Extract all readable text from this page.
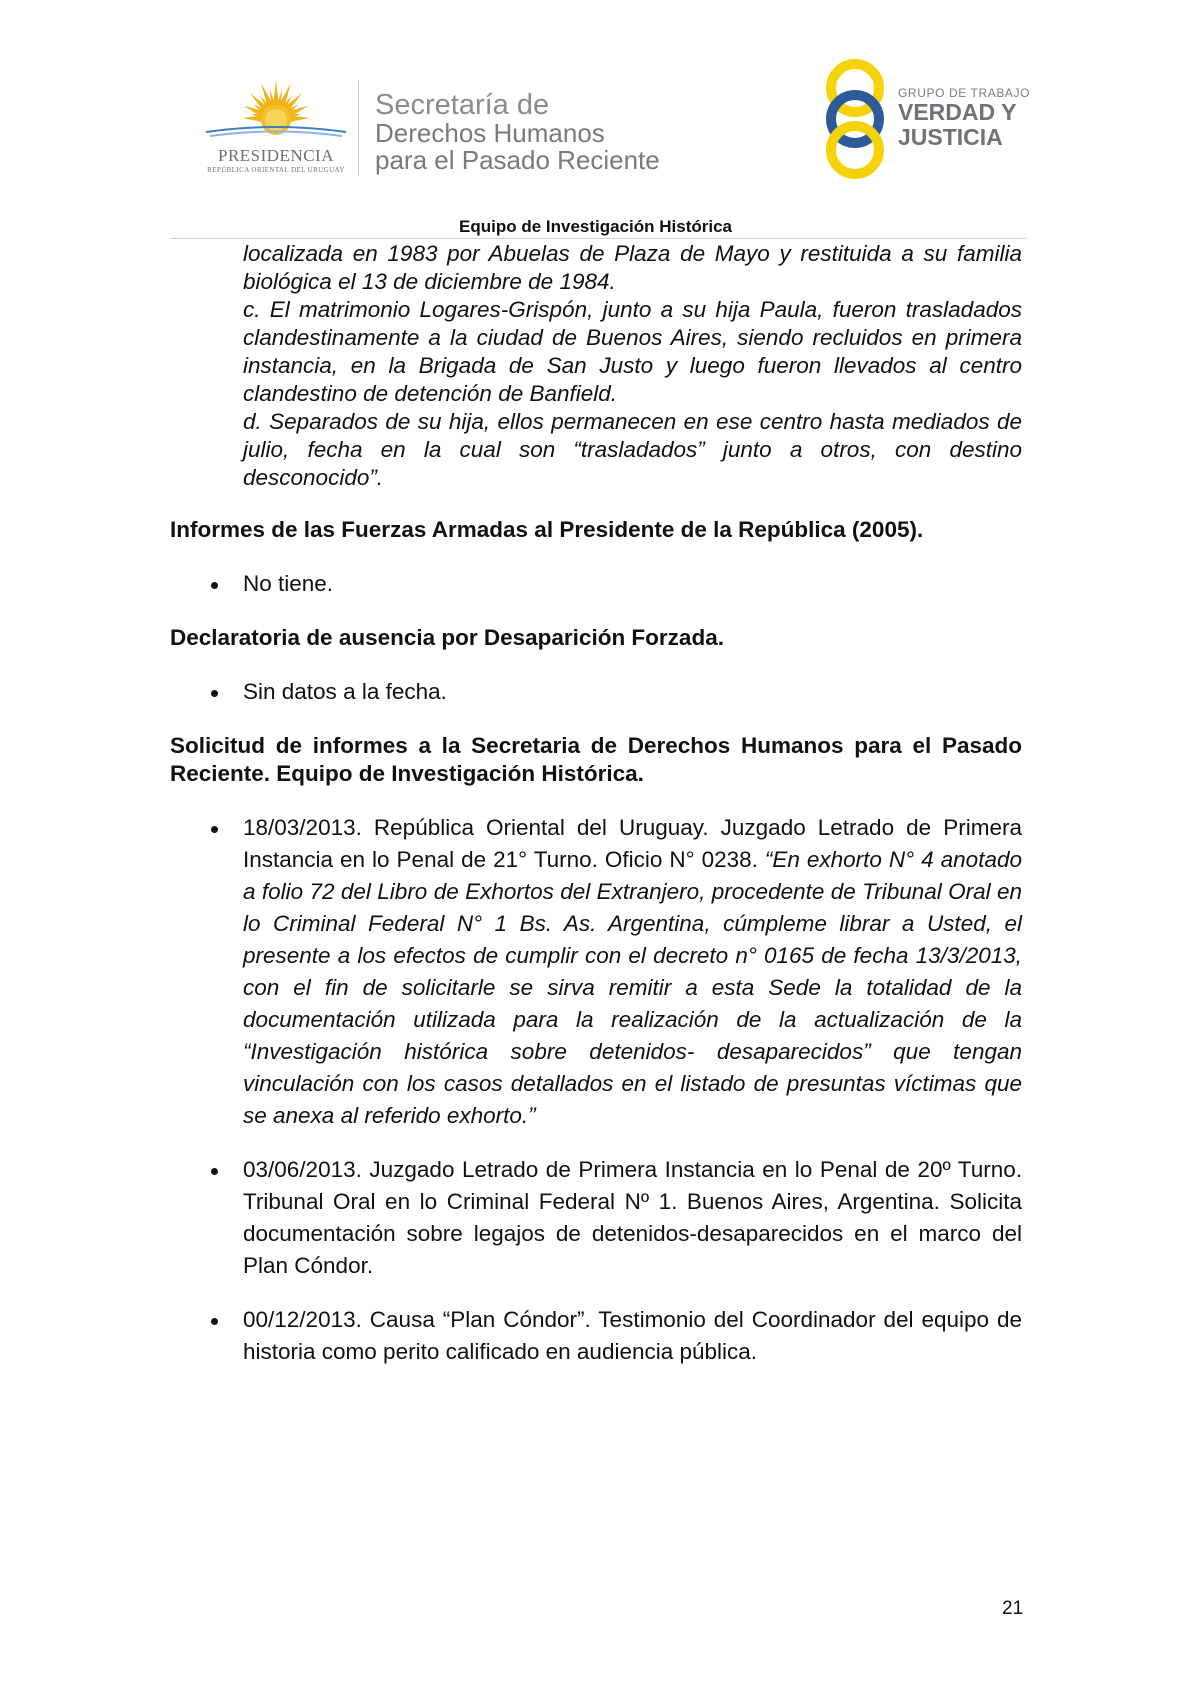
PRESIDENCIA
REPÚBLICA ORIENTAL DEL URUGUAY
Secretaría de
Derechos Humanos
para el Pasado Reciente
GRUPO DE TRABAJO
VERDAD Y
JUSTICIA
Equipo de Investigación Histórica

localizada en 1983 por Abuelas de Plaza de Mayo y restituida a su familia biológica el 13 de diciembre de 1984.

c. El matrimonio Logares-Grispón, junto a su hija Paula, fueron trasladados clandestinamente a la ciudad de Buenos Aires, siendo recluidos en primera instancia, en la Brigada de San Justo y luego fueron llevados al centro clandestino de detención de Banfield.

d. Separados de su hija, ellos permanecen en ese centro hasta mediados de julio, fecha en la cual son “trasladados” junto a otros, con destino desconocido”.

Informes de las Fuerzas Armadas al Presidente de la República (2005).

No tiene.

Declaratoria de ausencia por Desaparición Forzada.

Sin datos a la fecha.

Solicitud de informes a la Secretaria de Derechos Humanos para el Pasado Reciente. Equipo de Investigación Histórica.

18/03/2013. República Oriental del Uruguay. Juzgado Letrado de Primera Instancia en lo Penal de 21° Turno. Oficio N° 0238. “En exhorto N° 4 anotado a folio 72 del Libro de Exhortos del Extranjero, procedente de Tribunal Oral en lo Criminal Federal N° 1 Bs. As. Argentina, cúmpleme librar a Usted, el presente a los efectos de cumplir con el decreto n° 0165 de fecha 13/3/2013, con el fin de solicitarle se sirva remitir a esta Sede la totalidad de la documentación utilizada para la realización de la actualización de la “Investigación histórica sobre detenidos- desaparecidos” que tengan vinculación con los casos detallados en el listado de presuntas víctimas que se anexa al referido exhorto.”
03/06/2013. Juzgado Letrado de Primera Instancia en lo Penal de 20º Turno. Tribunal Oral en lo Criminal Federal Nº 1. Buenos Aires, Argentina. Solicita documentación sobre legajos de detenidos-desaparecidos en el marco del Plan Cóndor.
00/12/2013. Causa “Plan Cóndor”. Testimonio del Coordinador del equipo de historia como perito calificado en audiencia pública.
21
